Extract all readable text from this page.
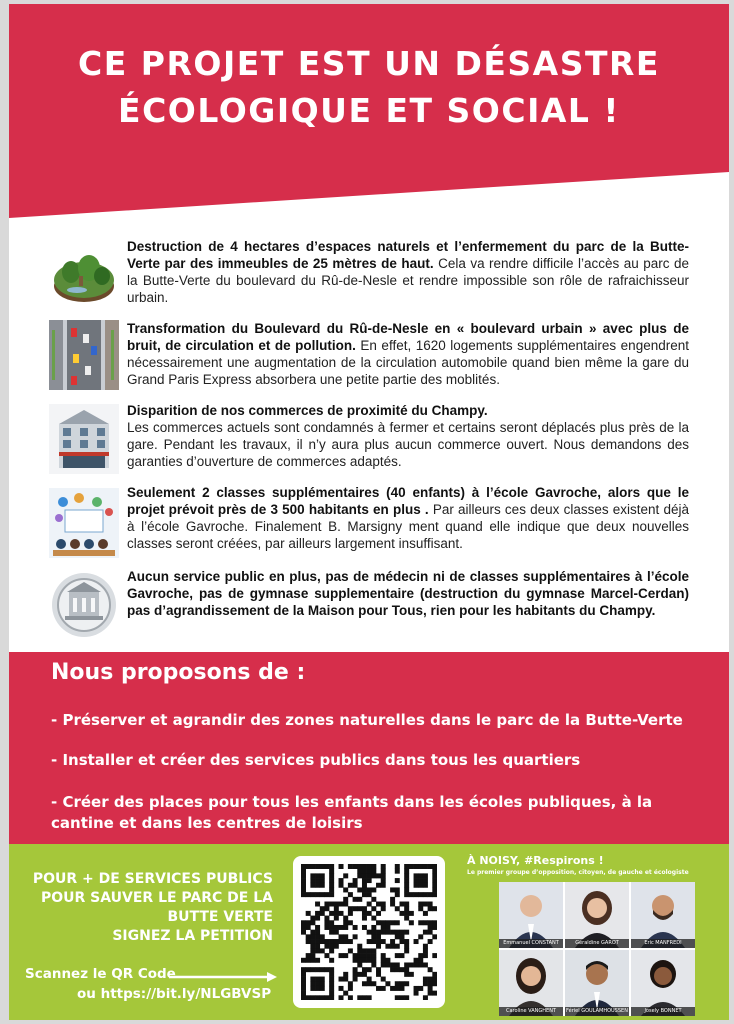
CE PROJET EST UN DÉSASTRE
ÉCOLOGIQUE ET SOCIAL !
Destruction de 4 hectares d’espaces naturels et l’enfermement du parc de la Butte-Verte par des immeubles de 25 mètres de haut. Cela va rendre difficile l’accès au parc de la Butte-Verte du boulevard du Rû-de-Nesle et rendre impossible son rôle de rafraichisseur urbain.
Transformation du Boulevard du Rû-de-Nesle en « boulevard urbain » avec plus de bruit, de circulation et de pollution. En effet, 1620 logements supplémentaires engendrent nécessairement une augmentation de la circulation automobile quand bien même la gare du Grand Paris Express absorbera une petite partie des moblités.
Disparition de nos commerces de proximité du Champy.
Les commerces actuels sont condamnés à fermer et certains seront déplacés plus près de la gare. Pendant les travaux, il n’y aura plus aucun commerce ouvert. Nous demandons des garanties d’ouverture de commerces adaptés.
Seulement 2 classes supplémentaires (40 enfants) à l’école Gavroche, alors que le projet prévoit près de 3 500 habitants en plus . Par ailleurs ces deux classes existent déjà à l’école Gavroche. Finalement B. Marsigny ment quand elle indique que deux nouvelles classes seront créées, par ailleurs largement insuffisant.
Aucun service public en plus, pas de médecin ni de classes supplémentaires à l’école Gavroche, pas de gymnase supplementaire (destruction du gymnase Marcel-Cerdan) pas d’agrandissement de la Maison pour Tous, rien pour les habitants du Champy.
Nous proposons de :
- Préserver et agrandir des zones naturelles dans le parc de la Butte-Verte
- Installer et créer des services publics dans tous les quartiers
- Créer des places pour tous les enfants dans les écoles publiques, à la cantine et dans les centres de loisirs
POUR + DE SERVICES PUBLICS
POUR SAUVER LE PARC DE LA
BUTTE VERTE
SIGNEZ LA PETITION
Scannez le QR Code
ou https://bit.ly/NLGBVSP
À NOISY, #Respirons !
Le premier groupe d’opposition, citoyen, de gauche et écologiste
Emmanuel CONSTANT	Géraldine GAROT	Eric MANFREDI
Caroline VANGHENT	Fériel GOULAMHOUSSEN	Josely BONNET
